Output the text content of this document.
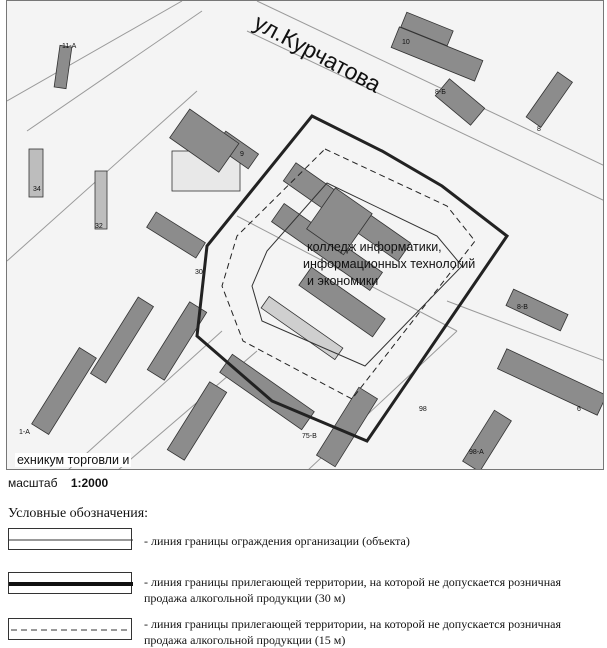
ул.Курчатова
колледж информатики,
информационных технологий
и экономики
11-А
10
8-Б
8
9
34
32
30
8-В
6
98
75-В
98-А
1-А
ехникум торговли и
масштаб 1:2000
Условные обозначения:
- линия границы ограждения организации (объекта)
- линия границы прилегающей территории, на которой не допускается розничная продажа алкогольной продукции (30 м)
- линия границы прилегающей территории, на которой не допускается розничная продажа алкогольной продукции (15 м)
